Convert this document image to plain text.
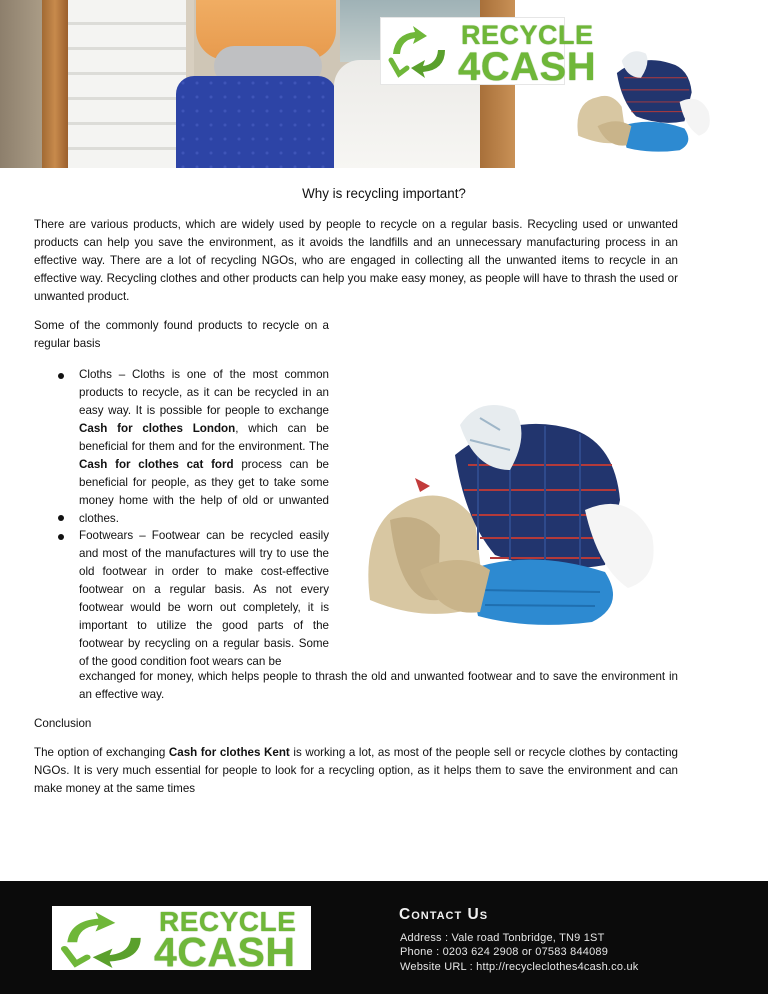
RECYCLE
4CASH
Why is recycling important?

There are various products, which are widely used by people to recycle on a regular basis. Recycling used or unwanted products can help you save the environment, as it avoids the landfills and an unnecessary manufacturing process in an effective way. There are a lot of recycling NGOs, who are engaged in collecting all the unwanted items to recycle in an effective way. Recycling clothes and other products can help you make easy money, as people will have to thrash the used or unwanted product.

Some of the commonly found products to recycle on a regular basis

Cloths – Cloths is one of the most common products to recycle, as it can be recycled in an easy way. It is possible for people to exchange Cash for clothes London, which can be beneficial for them and for the environment. The Cash for clothes cat ford process can be beneficial for people, as they get to take some money home with the help of old or unwanted clothes.

Footwears – Footwear can be recycled easily and most of the manufactures will try to use the old footwear in order to make cost-effective footwear on a regular basis. As not every footwear would be worn out completely, it is important to utilize the good parts of the footwear by recycling on a regular basis. Some of the good condition foot wears can be

exchanged for money, which helps people to thrash the old and unwanted footwear and to save the environment in an effective way.

Conclusion

The option of exchanging Cash for clothes Kent is working a lot, as most of the people sell or recycle clothes by contacting NGOs. It is very much essential for people to look for a recycling option, as it helps them to save the environment and can make money at the same times

RECYCLE
4CASH
Contact Us
Address : Vale road Tonbridge, TN9 1ST
Phone : 0203 624 2908 or 07583 844089
Website URL : http://recycleclothes4cash.co.uk
